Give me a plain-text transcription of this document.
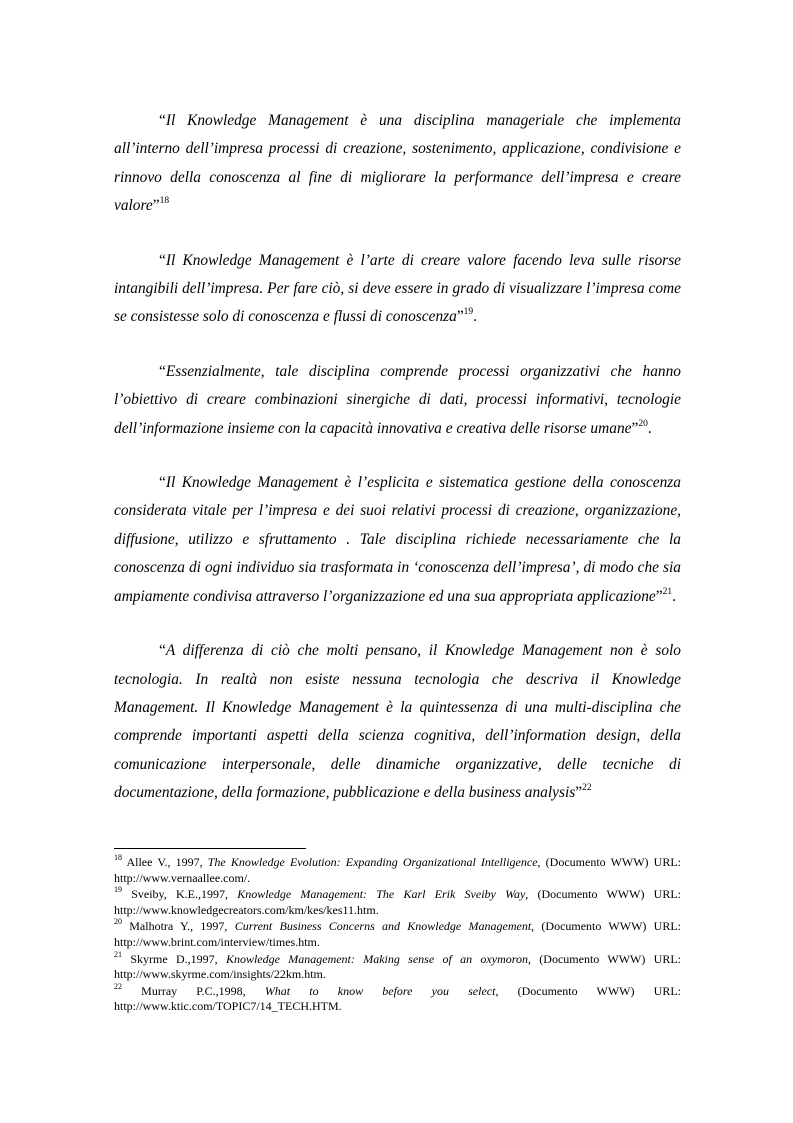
“Il Knowledge Management è una disciplina manageriale che implementa all’interno dell’impresa processi di creazione, sostenimento, applicazione, condivisione e rinnovo della conoscenza al fine di migliorare la performance dell’impresa e creare valore”$^{18}$

“Il Knowledge Management è l’arte di creare valore facendo leva sulle risorse intangibili dell’impresa. Per fare ciò, si deve essere in grado di visualizzare l’impresa come se consistesse solo di conoscenza e flussi di conoscenza”$^{19}$.

“Essenzialmente, tale disciplina comprende processi organizzativi che hanno l’obiettivo di creare combinazioni sinergiche di dati, processi informativi, tecnologie dell’informazione insieme con la capacità innovativa e creativa delle risorse umane”$^{20}$.

“Il Knowledge Management è l’esplicita e sistematica gestione della conoscenza considerata vitale per l’impresa e dei suoi relativi processi di creazione, organizzazione, diffusione, utilizzo e sfruttamento . Tale disciplina richiede necessariamente che la conoscenza di ogni individuo sia trasformata in ‘conoscenza dell’impresa’, di modo che sia ampiamente condivisa attraverso l’organizzazione ed una sua appropriata applicazione”$^{21}$.

“A differenza di ciò che molti pensano, il Knowledge Management non è solo tecnologia. In realtà non esiste nessuna tecnologia che descriva il Knowledge Management. Il Knowledge Management è la quintessenza di una multi-disciplina che comprende importanti aspetti della scienza cognitiva, dell’information design, della comunicazione interpersonale, delle dinamiche organizzative, delle tecniche di documentazione, della formazione, pubblicazione e della business analysis”$^{22}$

$^{18}$ Allee V., 1997, The Knowledge Evolution: Expanding Organizational Intelligence, (Documento WWW) URL: http://www.vernaallee.com/.

$^{19}$ Sveiby, K.E.,1997, Knowledge Management: The Karl Erik Sveiby Way, (Documento WWW) URL: http://www.knowledgecreators.com/km/kes/kes11.htm.

$^{20}$ Malhotra Y., 1997, Current Business Concerns and Knowledge Management, (Documento WWW) URL: http://www.brint.com/interview/times.htm.

$^{21}$ Skyrme D.,1997, Knowledge Management: Making sense of an oxymoron, (Documento WWW) URL: http://www.skyrme.com/insights/22km.htm.

$^{22}$ Murray P.C.,1998, What to know before you select, (Documento WWW) URL: http://www.ktic.com/TOPIC7/14_TECH.HTM.
